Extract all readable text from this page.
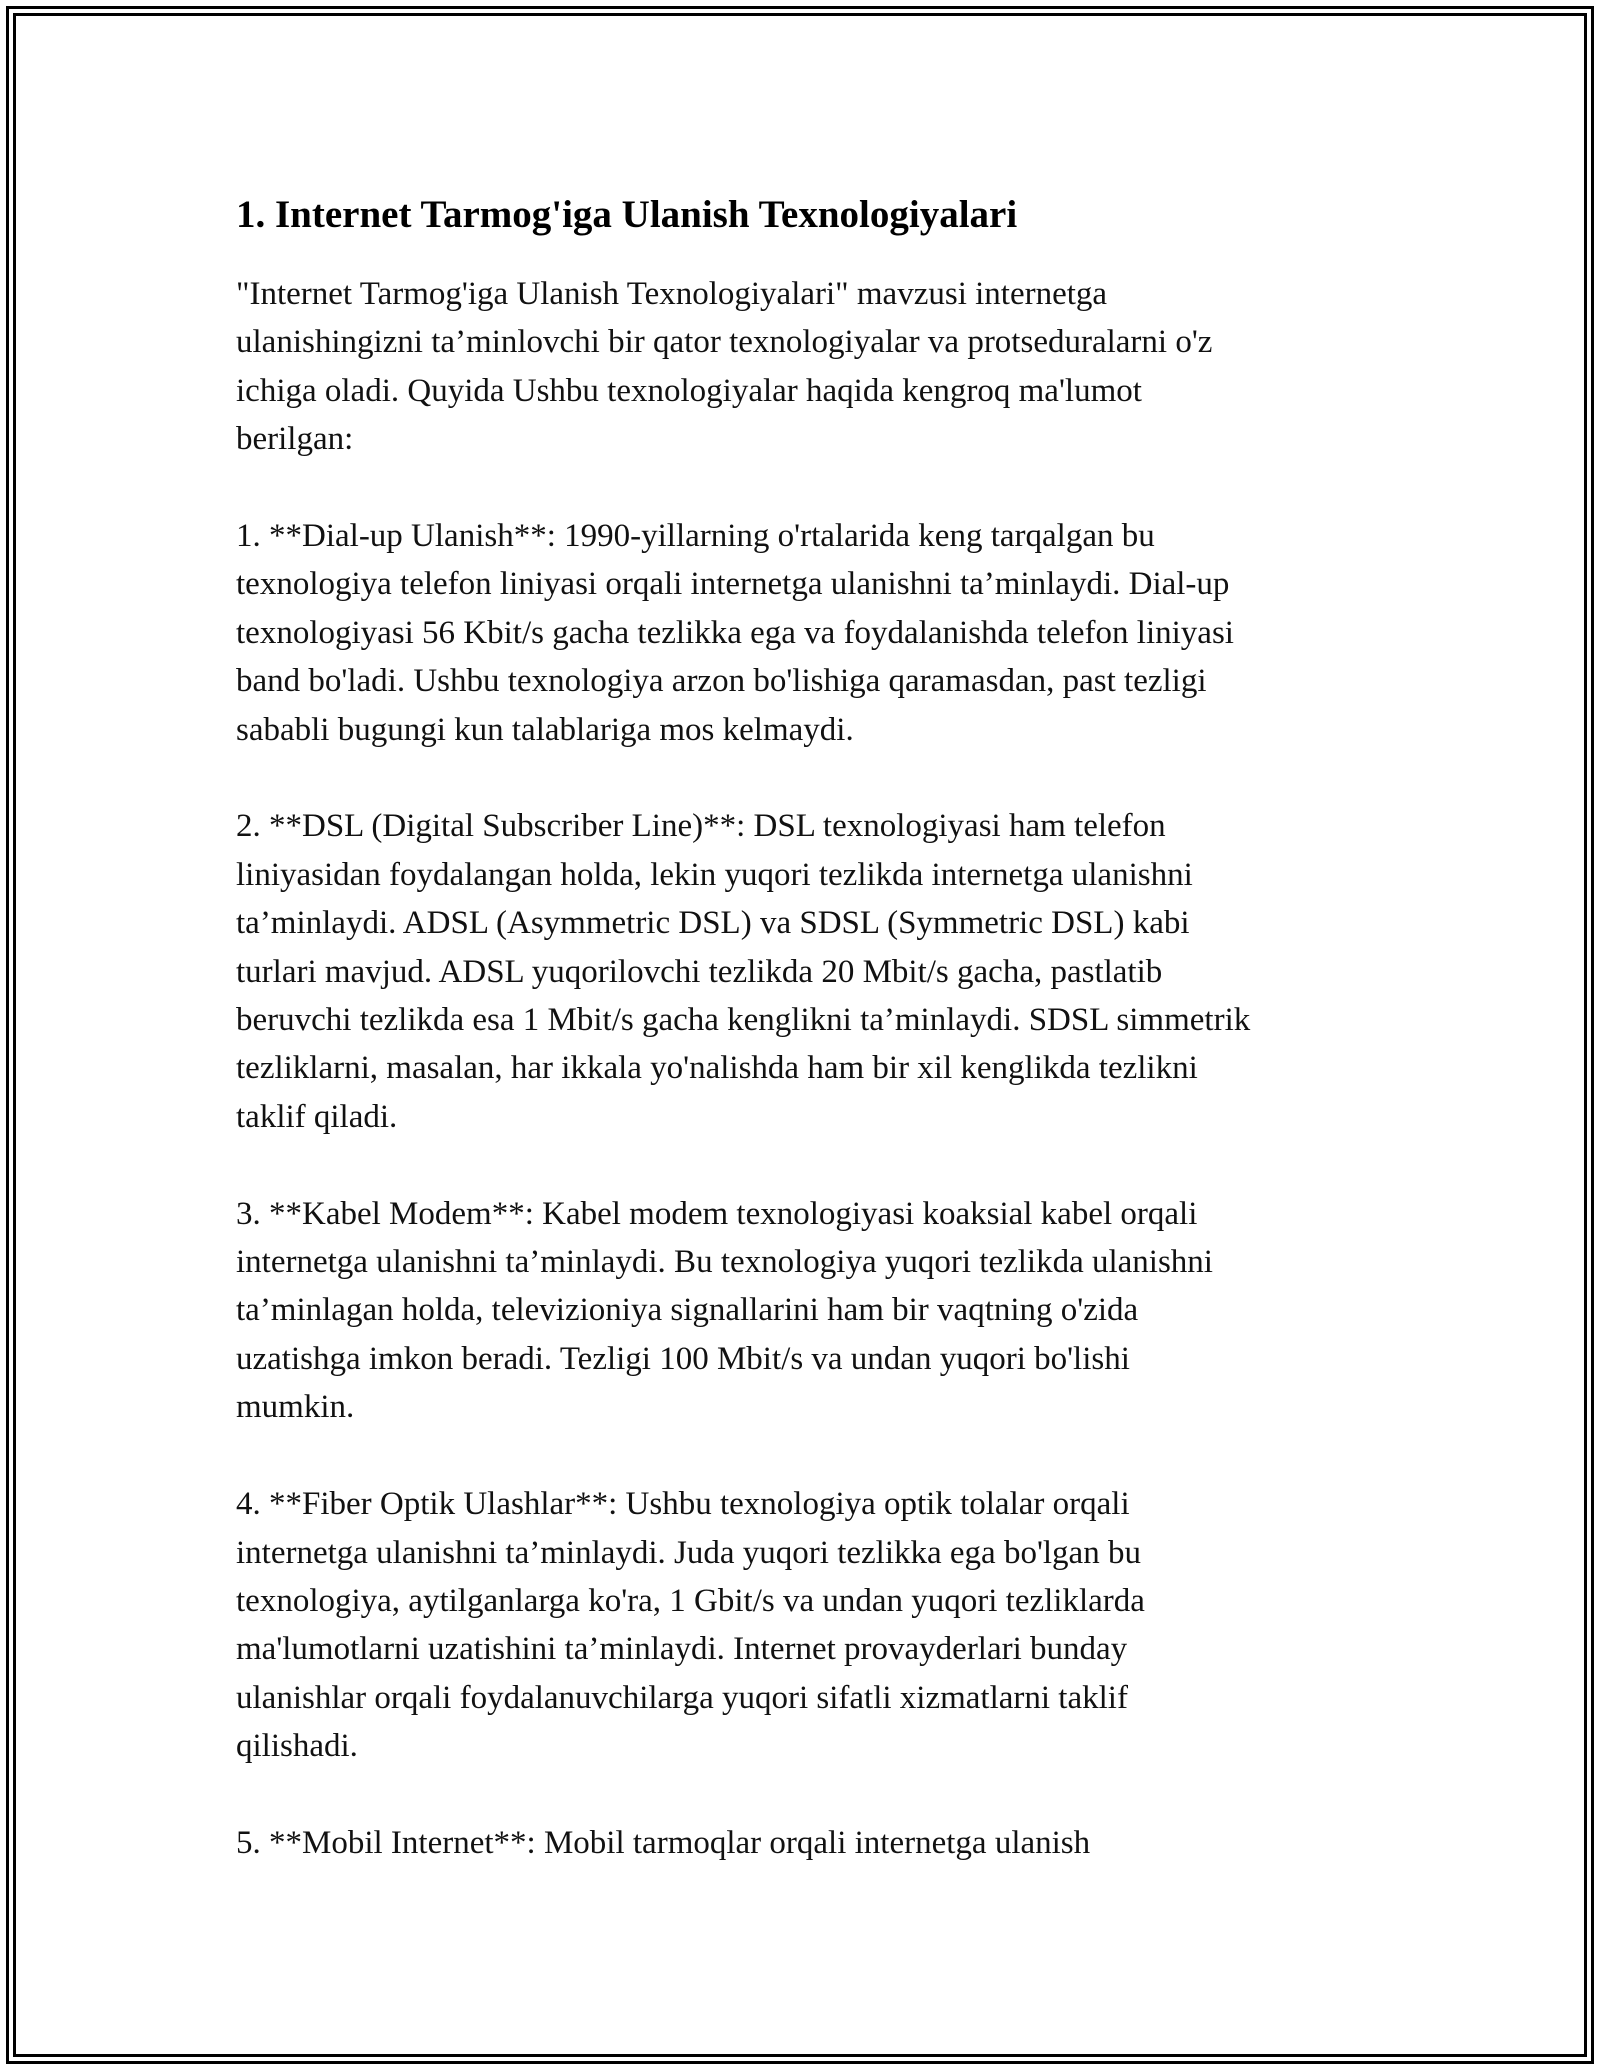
1. Internet Tarmog'iga Ulanish Texnologiyalari

"Internet Tarmog'iga Ulanish Texnologiyalari" mavzusi internetga
ulanishingizni ta’minlovchi bir qator texnologiyalar va protseduralarni o'z
ichiga oladi. Quyida Ushbu texnologiyalar haqida kengroq ma'lumot
berilgan:

1. **Dial-up Ulanish**: 1990-yillarning o'rtalarida keng tarqalgan bu
texnologiya telefon liniyasi orqali internetga ulanishni ta’minlaydi. Dial-up
texnologiyasi 56 Kbit/s gacha tezlikka ega va foydalanishda telefon liniyasi
band bo'ladi. Ushbu texnologiya arzon bo'lishiga qaramasdan, past tezligi
sababli bugungi kun talablariga mos kelmaydi.

2. **DSL (Digital Subscriber Line)**: DSL texnologiyasi ham telefon
liniyasidan foydalangan holda, lekin yuqori tezlikda internetga ulanishni
ta’minlaydi. ADSL (Asymmetric DSL) va SDSL (Symmetric DSL) kabi
turlari mavjud. ADSL yuqorilovchi tezlikda 20 Mbit/s gacha, pastlatib
beruvchi tezlikda esa 1 Mbit/s gacha kenglikni ta’minlaydi. SDSL simmetrik
tezliklarni, masalan, har ikkala yo'nalishda ham bir xil kenglikda tezlikni
taklif qiladi.

3. **Kabel Modem**: Kabel modem texnologiyasi koaksial kabel orqali
internetga ulanishni ta’minlaydi. Bu texnologiya yuqori tezlikda ulanishni
ta’minlagan holda, televizioniya signallarini ham bir vaqtning o'zida
uzatishga imkon beradi. Tezligi 100 Mbit/s va undan yuqori bo'lishi
mumkin.

4. **Fiber Optik Ulashlar**: Ushbu texnologiya optik tolalar orqali
internetga ulanishni ta’minlaydi. Juda yuqori tezlikka ega bo'lgan bu
texnologiya, aytilganlarga ko'ra, 1 Gbit/s va undan yuqori tezliklarda
ma'lumotlarni uzatishini ta’minlaydi. Internet provayderlari bunday
ulanishlar orqali foydalanuvchilarga yuqori sifatli xizmatlarni taklif
qilishadi.

5. **Mobil Internet**: Mobil tarmoqlar orqali internetga ulanish
